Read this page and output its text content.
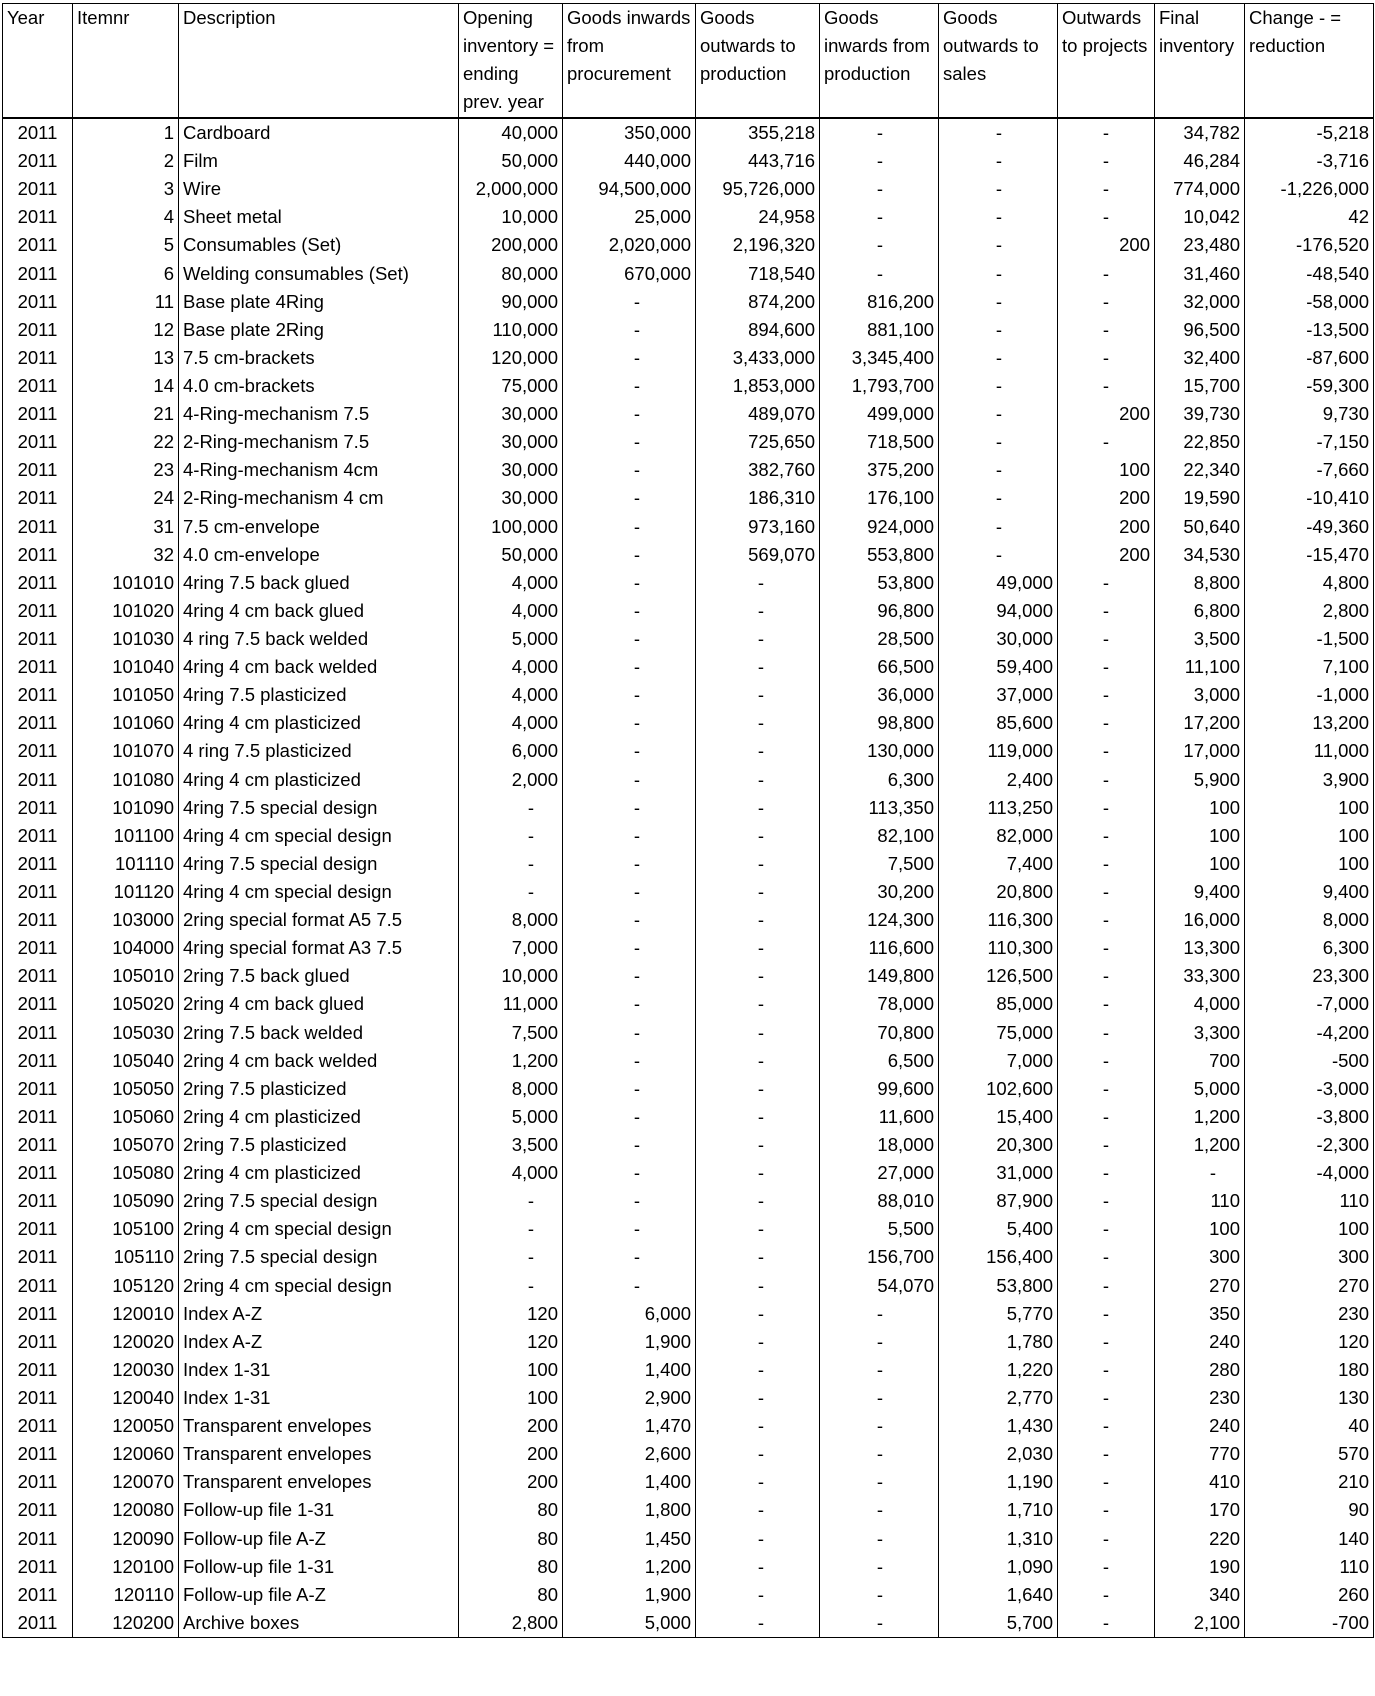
Year	Itemnr	Description	Opening inventory = ending prev. year	Goods inwards from procurement	Goods outwards to production	Goods inwards from production	Goods outwards to sales	Outwards to projects	Final inventory	Change - = reduction
2011	1	Cardboard	40,000	350,000	355,218	-	-	-	34,782	-5,218
2011	2	Film	50,000	440,000	443,716	-	-	-	46,284	-3,716
2011	3	Wire	2,000,000	94,500,000	95,726,000	-	-	-	774,000	-1,226,000
2011	4	Sheet metal	10,000	25,000	24,958	-	-	-	10,042	42
2011	5	Consumables (Set)	200,000	2,020,000	2,196,320	-	-	200	23,480	-176,520
2011	6	Welding consumables (Set)	80,000	670,000	718,540	-	-	-	31,460	-48,540
2011	11	Base plate 4Ring	90,000	-	874,200	816,200	-	-	32,000	-58,000
2011	12	Base plate 2Ring	110,000	-	894,600	881,100	-	-	96,500	-13,500
2011	13	7.5 cm-brackets	120,000	-	3,433,000	3,345,400	-	-	32,400	-87,600
2011	14	4.0 cm-brackets	75,000	-	1,853,000	1,793,700	-	-	15,700	-59,300
2011	21	4-Ring-mechanism 7.5	30,000	-	489,070	499,000	-	200	39,730	9,730
2011	22	2-Ring-mechanism 7.5	30,000	-	725,650	718,500	-	-	22,850	-7,150
2011	23	4-Ring-mechanism 4cm	30,000	-	382,760	375,200	-	100	22,340	-7,660
2011	24	2-Ring-mechanism 4 cm	30,000	-	186,310	176,100	-	200	19,590	-10,410
2011	31	7.5 cm-envelope	100,000	-	973,160	924,000	-	200	50,640	-49,360
2011	32	4.0 cm-envelope	50,000	-	569,070	553,800	-	200	34,530	-15,470
2011	101010	4ring 7.5 back glued	4,000	-	-	53,800	49,000	-	8,800	4,800
2011	101020	4ring 4 cm back glued	4,000	-	-	96,800	94,000	-	6,800	2,800
2011	101030	4 ring 7.5 back welded	5,000	-	-	28,500	30,000	-	3,500	-1,500
2011	101040	4ring 4 cm back welded	4,000	-	-	66,500	59,400	-	11,100	7,100
2011	101050	4ring 7.5 plasticized	4,000	-	-	36,000	37,000	-	3,000	-1,000
2011	101060	4ring 4 cm plasticized	4,000	-	-	98,800	85,600	-	17,200	13,200
2011	101070	4 ring 7.5 plasticized	6,000	-	-	130,000	119,000	-	17,000	11,000
2011	101080	4ring 4 cm plasticized	2,000	-	-	6,300	2,400	-	5,900	3,900
2011	101090	4ring 7.5 special design	-	-	-	113,350	113,250	-	100	100
2011	101100	4ring 4 cm special design	-	-	-	82,100	82,000	-	100	100
2011	101110	4ring 7.5 special design	-	-	-	7,500	7,400	-	100	100
2011	101120	4ring 4 cm special design	-	-	-	30,200	20,800	-	9,400	9,400
2011	103000	2ring special format A5 7.5	8,000	-	-	124,300	116,300	-	16,000	8,000
2011	104000	4ring special format A3 7.5	7,000	-	-	116,600	110,300	-	13,300	6,300
2011	105010	2ring 7.5 back glued	10,000	-	-	149,800	126,500	-	33,300	23,300
2011	105020	2ring 4 cm back glued	11,000	-	-	78,000	85,000	-	4,000	-7,000
2011	105030	2ring 7.5 back welded	7,500	-	-	70,800	75,000	-	3,300	-4,200
2011	105040	2ring 4 cm back welded	1,200	-	-	6,500	7,000	-	700	-500
2011	105050	2ring 7.5 plasticized	8,000	-	-	99,600	102,600	-	5,000	-3,000
2011	105060	2ring 4 cm plasticized	5,000	-	-	11,600	15,400	-	1,200	-3,800
2011	105070	2ring 7.5 plasticized	3,500	-	-	18,000	20,300	-	1,200	-2,300
2011	105080	2ring 4 cm plasticized	4,000	-	-	27,000	31,000	-	-	-4,000
2011	105090	2ring 7.5 special design	-	-	-	88,010	87,900	-	110	110
2011	105100	2ring 4 cm special design	-	-	-	5,500	5,400	-	100	100
2011	105110	2ring 7.5 special design	-	-	-	156,700	156,400	-	300	300
2011	105120	2ring 4 cm special design	-	-	-	54,070	53,800	-	270	270
2011	120010	Index A-Z	120	6,000	-	-	5,770	-	350	230
2011	120020	Index A-Z	120	1,900	-	-	1,780	-	240	120
2011	120030	Index 1-31	100	1,400	-	-	1,220	-	280	180
2011	120040	Index 1-31	100	2,900	-	-	2,770	-	230	130
2011	120050	Transparent envelopes	200	1,470	-	-	1,430	-	240	40
2011	120060	Transparent envelopes	200	2,600	-	-	2,030	-	770	570
2011	120070	Transparent envelopes	200	1,400	-	-	1,190	-	410	210
2011	120080	Follow-up file 1-31	80	1,800	-	-	1,710	-	170	90
2011	120090	Follow-up file A-Z	80	1,450	-	-	1,310	-	220	140
2011	120100	Follow-up file 1-31	80	1,200	-	-	1,090	-	190	110
2011	120110	Follow-up file A-Z	80	1,900	-	-	1,640	-	340	260
2011	120200	Archive boxes	2,800	5,000	-	-	5,700	-	2,100	-700
